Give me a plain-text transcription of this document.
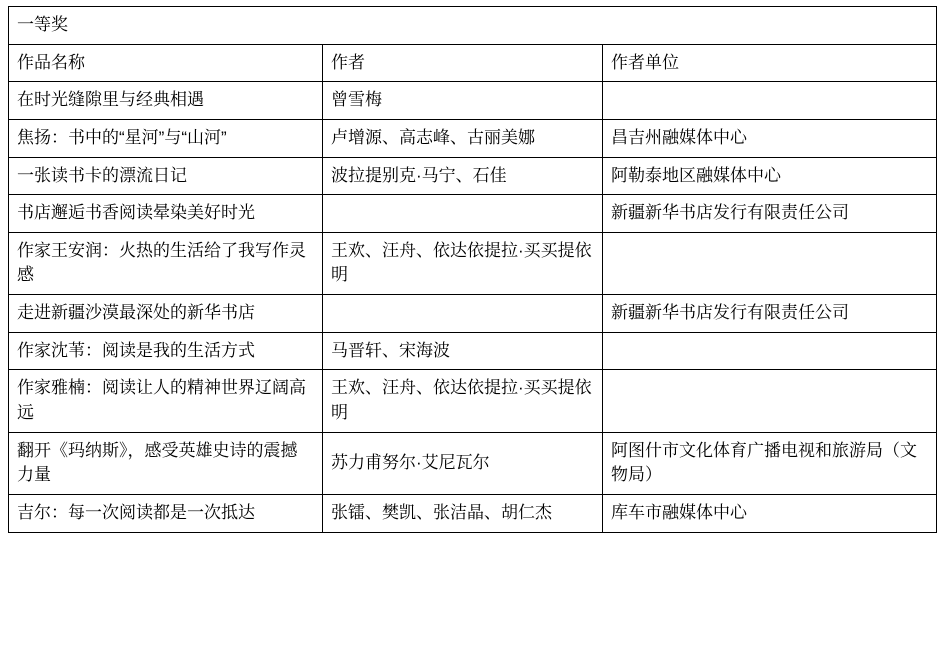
一等奖		
作品名称	作者	作者单位
在时光缝隙里与经典相遇	曾雪梅	
焦扬：书中的“星河”与“山河”	卢增源、高志峰、古丽美娜	昌吉州融媒体中心
一张读书卡的漂流日记	波拉提别克·马宁、石佳	阿勒泰地区融媒体中心
书店邂逅书香阅读晕染美好时光		新疆新华书店发行有限责任公司
作家王安润：火热的生活给了我写作灵感	王欢、汪舟、依达依提拉·买买提依明	
走进新疆沙漠最深处的新华书店		新疆新华书店发行有限责任公司
作家沈苇：阅读是我的生活方式	马晋轩、宋海波	
作家雅楠：阅读让人的精神世界辽阔高远	王欢、汪舟、依达依提拉·买买提依明	
翻开《玛纳斯》，感受英雄史诗的震撼力量	苏力甫努尔·艾尼瓦尔	阿图什市文化体育广播电视和旅游局（文物局）
吉尔：每一次阅读都是一次抵达	张镭、樊凯、张洁晶、胡仁杰	库车市融媒体中心
